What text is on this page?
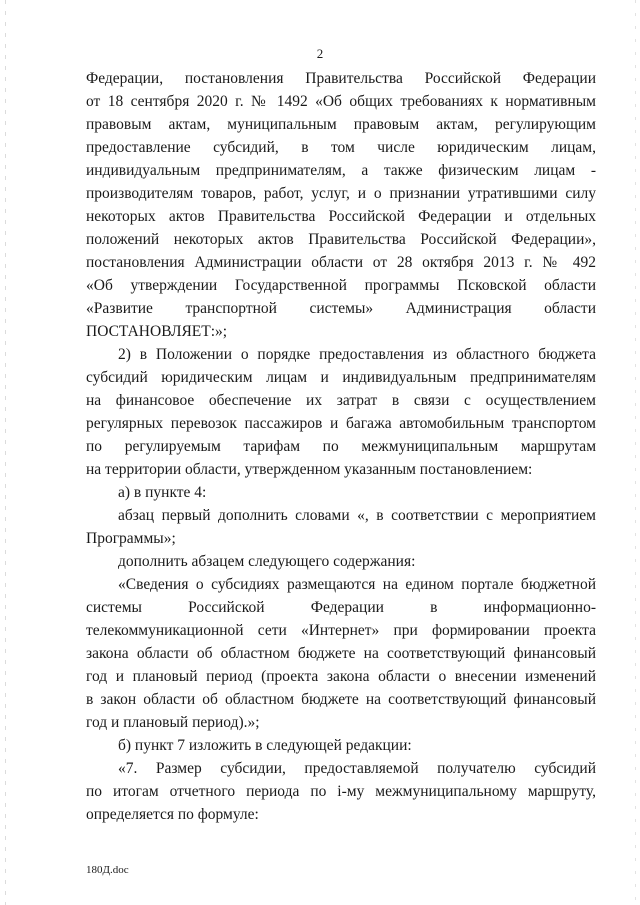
2
Федерации, постановления Правительства Российской Федерации
от 18 сентября 2020 г. № 1492 «Об общих требованиях к нормативным
правовым актам, муниципальным правовым актам, регулирующим
предоставление субсидий, в том числе юридическим лицам,
индивидуальным предпринимателям, а также физическим лицам -
производителям товаров, работ, услуг, и о признании утратившими силу
некоторых актов Правительства Российской Федерации и отдельных
положений некоторых актов Правительства Российской Федерации»,
постановления Администрации области от 28 октября 2013 г. № 492
«Об утверждении Государственной программы Псковской области
«Развитие транспортной системы» Администрация области
ПОСТАНОВЛЯЕТ:»;
2) в Положении о порядке предоставления из областного бюджета
субсидий юридическим лицам и индивидуальным предпринимателям
на финансовое обеспечение их затрат в связи с осуществлением
регулярных перевозок пассажиров и багажа автомобильным транспортом
по регулируемым тарифам по межмуниципальным маршрутам
на территории области, утвержденном указанным постановлением:
а) в пункте 4:
абзац первый дополнить словами «, в соответствии с мероприятием
Программы»;
дополнить абзацем следующего содержания:
«Сведения о субсидиях размещаются на едином портале бюджетной
системы Российской Федерации в информационно-
телекоммуникационной сети «Интернет» при формировании проекта
закона области об областном бюджете на соответствующий финансовый
год и плановый период (проекта закона области о внесении изменений
в закон области об областном бюджете на соответствующий финансовый
год и плановый период).»;
б) пункт 7 изложить в следующей редакции:
«7. Размер субсидии, предоставляемой получателю субсидий
по итогам отчетного периода по i-му межмуниципальному маршруту,
определяется по формуле:
180Д.doc
